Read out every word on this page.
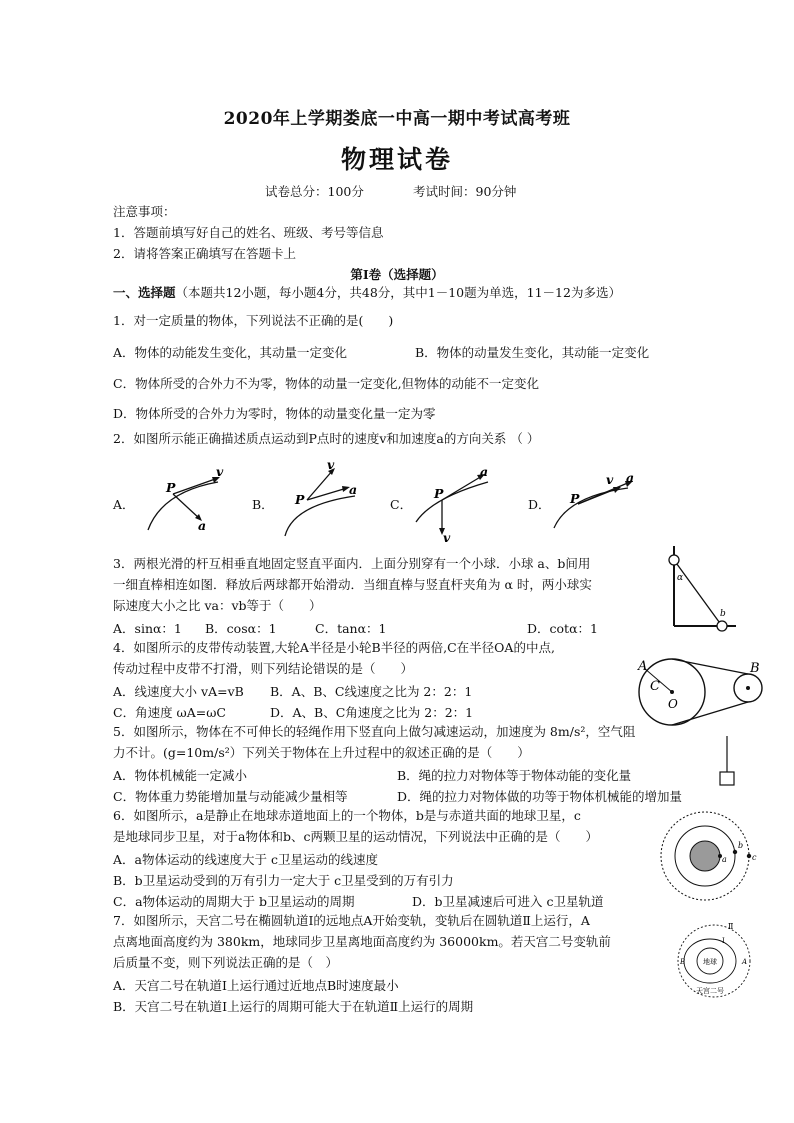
2020年上学期娄底一中高一期中考试高考班
物理试卷
试卷总分：100分	考试时间：90分钟
注意事项：
1．答题前填写好自己的姓名、班级、考号等信息
2．请将答案正确填写在答题卡上
第Ⅰ卷（选择题）
一、选择题（本题共12小题，每小题4分，共48分，其中1－10题为单选，11－12为多选）
1．对一定质量的物体，下列说法不正确的是(　　)
A．物体的动能发生变化，其动量一定变化	B．物体的动量发生变化，其动能一定变化
C．物体所受的合外力不为零，物体的动量一定变化,但物体的动能不一定变化
D．物体所受的合外力为零时，物体的动量变化量一定为零
2．如图所示能正确描述质点运动到P点时的速度v和加速度a的方向关系 （ ）
A．	B．	C．	D．
P
v
a
P
v
a	P
a
v
P
v a
3．两根光滑的杆互相垂直地固定竖直平面内．上面分别穿有一个小球．小球 a、b间用
一细直棒相连如图．释放后两球都开始滑动．当细直棒与竖直杆夹角为 α 时，两小球实
际速度大小之比 va：vb等于（　　）
A．sinα：1 B．cosα：1	C．tanα：1	D．cotα：1
α
b
4．如图所示的皮带传动装置,大轮A半径是小轮B半径的两倍,C在半径OA的中点,
传动过程中皮带不打滑，则下列结论错误的是（　　）
A．线速度大小 vA=vB B．A、B、C线速度之比为 2：2：1
C．角速度 ωA=ωC	D．A、B、C角速度之比为 2：2：1
A
C
O
B
5．如图所示，物体在不可伸长的轻绳作用下竖直向上做匀减速运动，加速度为 8m/s²，空气阻
力不计。(g=10m/s²）下列关于物体在上升过程中的叙述正确的是（　　）
A．物体机械能一定减小	B．绳的拉力对物体等于物体动能的变化量
C．物体重力势能增加量与动能减少量相等	D．绳的拉力对物体做的功等于物体机械能的增加量
6．如图所示，a是静止在地球赤道地面上的一个物体，b是与赤道共面的地球卫星，c
是地球同步卫星，对于a物体和b、c两颗卫星的运动情况，下列说法中正确的是（　　）
A．a物体运动的线速度大于 c卫星运动的线速度
B．b卫星运动受到的万有引力一定大于 c卫星受到的万有引力
C．a物体运动的周期大于 b卫星运动的周期	D．b卫星减速后可进入 c卫星轨道
a
b
c
7．如图所示，天宫二号在椭圆轨道Ⅰ的远地点A开始变轨，变轨后在圆轨道Ⅱ上运行，A
点离地面高度约为 380km，地球同步卫星离地面高度约为 36000km。若天宫二号变轨前
后质量不变，则下列说法正确的是（　）
A．天宫二号在轨道Ⅰ上运行通过近地点B时速度最小
B．天宫二号在轨道Ⅰ上运行的周期可能大于在轨道Ⅱ上运行的周期
地球
Ⅱ
Ⅰ
A
B
天宫二号
